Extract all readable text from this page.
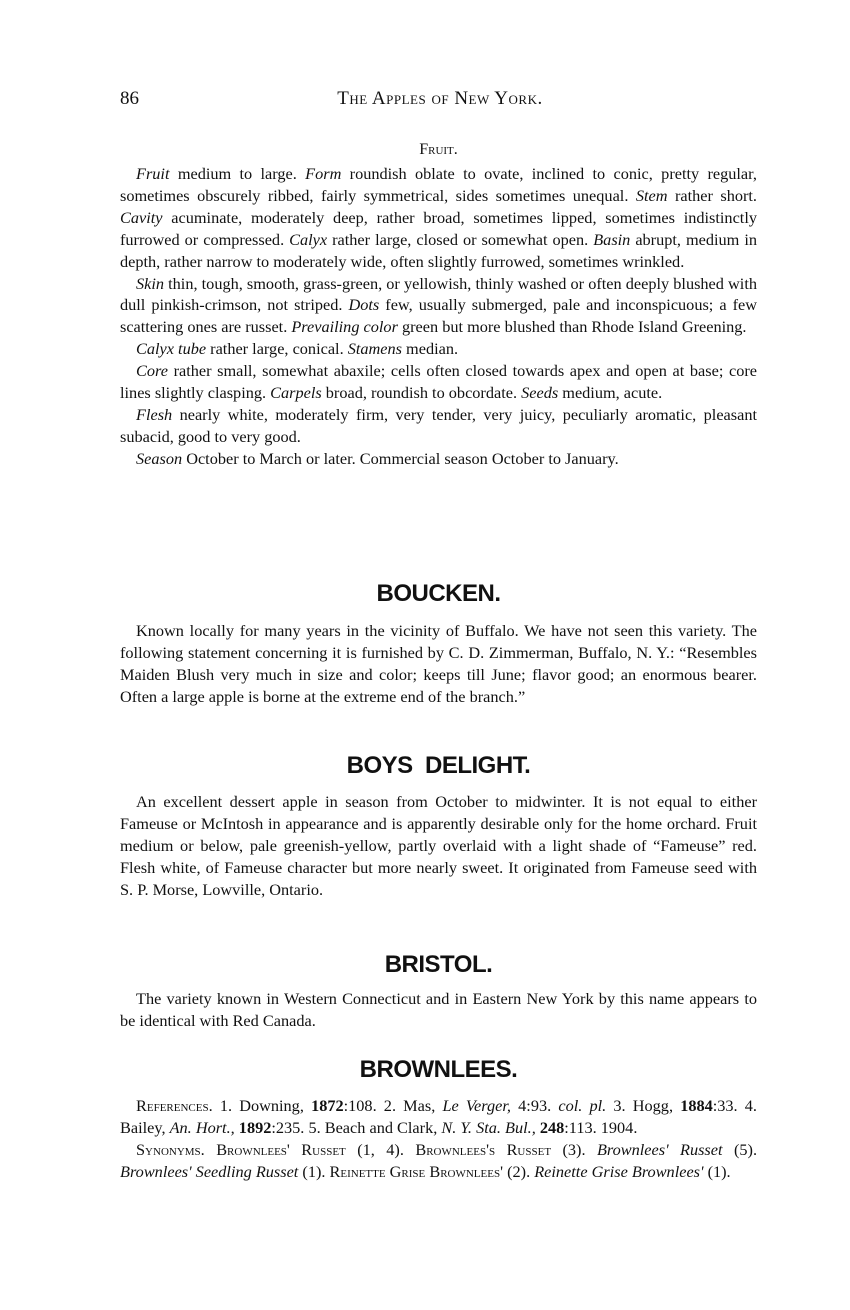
86	The Apples of New York.
Fruit.

Fruit medium to large. Form roundish oblate to ovate, inclined to conic, pretty regular, sometimes obscurely ribbed, fairly symmetrical, sides sometimes unequal. Stem rather short. Cavity acuminate, moderately deep, rather broad, sometimes lipped, sometimes indistinctly furrowed or compressed. Calyx rather large, closed or somewhat open. Basin abrupt, medium in depth, rather narrow to moderately wide, often slightly furrowed, sometimes wrinkled.

Skin thin, tough, smooth, grass-green, or yellowish, thinly washed or often deeply blushed with dull pinkish-crimson, not striped. Dots few, usually submerged, pale and inconspicuous; a few scattering ones are russet. Prevailing color green but more blushed than Rhode Island Greening.

Calyx tube rather large, conical. Stamens median.

Core rather small, somewhat abaxile; cells often closed towards apex and open at base; core lines slightly clasping. Carpels broad, roundish to obcordate. Seeds medium, acute.

Flesh nearly white, moderately firm, very tender, very juicy, peculiarly aromatic, pleasant subacid, good to very good.

Season October to March or later. Commercial season October to January.

BOUCKEN.

Known locally for many years in the vicinity of Buffalo. We have not seen this variety. The following statement concerning it is furnished by C. D. Zimmerman, Buffalo, N. Y.: “Resembles Maiden Blush very much in size and color; keeps till June; flavor good; an enormous bearer. Often a large apple is borne at the extreme end of the branch.”

BOYS  DELIGHT.

An excellent dessert apple in season from October to midwinter. It is not equal to either Fameuse or McIntosh in appearance and is apparently desirable only for the home orchard. Fruit medium or below, pale greenish-yellow, partly overlaid with a light shade of “Fameuse” red. Flesh white, of Fameuse character but more nearly sweet. It originated from Fameuse seed with S. P. Morse, Lowville, Ontario.

BRISTOL.

The variety known in Western Connecticut and in Eastern New York by this name appears to be identical with Red Canada.

BROWNLEES.

References. 1. Downing, 1872:108. 2. Mas, Le Verger, 4:93. col. pl. 3. Hogg, 1884:33. 4. Bailey, An. Hort., 1892:235. 5. Beach and Clark, N. Y. Sta. Bul., 248:113. 1904.

Synonyms. Brownlees' Russet (1, 4). Brownlees's Russet (3). Brownlees' Russet (5). Brownlees' Seedling Russet (1). Reinette Grise Brownlees' (2). Reinette Grise Brownlees' (1).
